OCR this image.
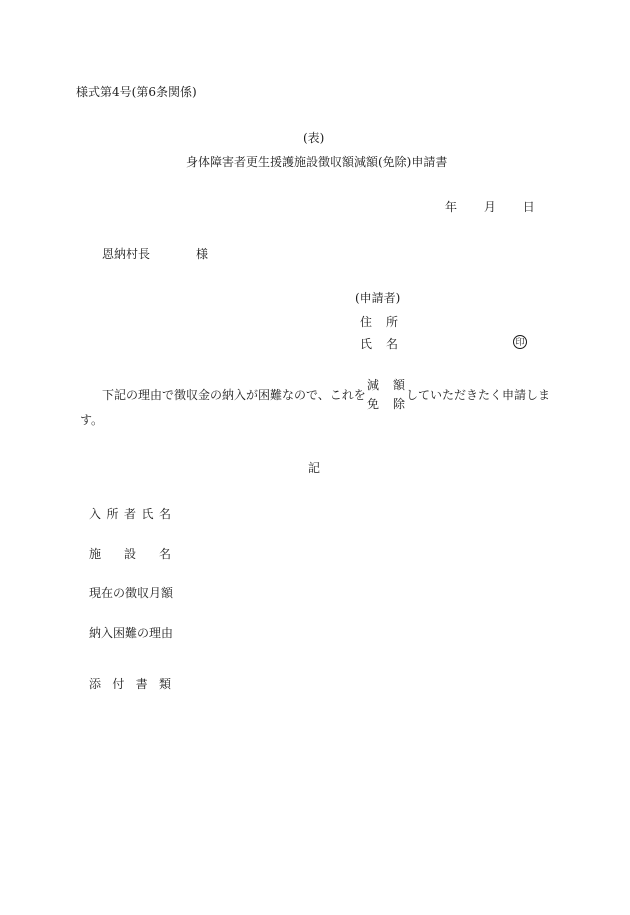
様式第4号(第6条関係)
(表)
身体障害者更生援護施設徴収額減額(免除)申請書
年 月 日
恩納村長	様
(申請者)
住 所
氏 名	印
下記の理由で徴収金の納入が困難なので、これを
減 額
免 除
していただきたく申請しま
す。
記
入 所 者 氏 名
施 設 名
現在の徴収月額
納入困難の理由
添 付 書 類
